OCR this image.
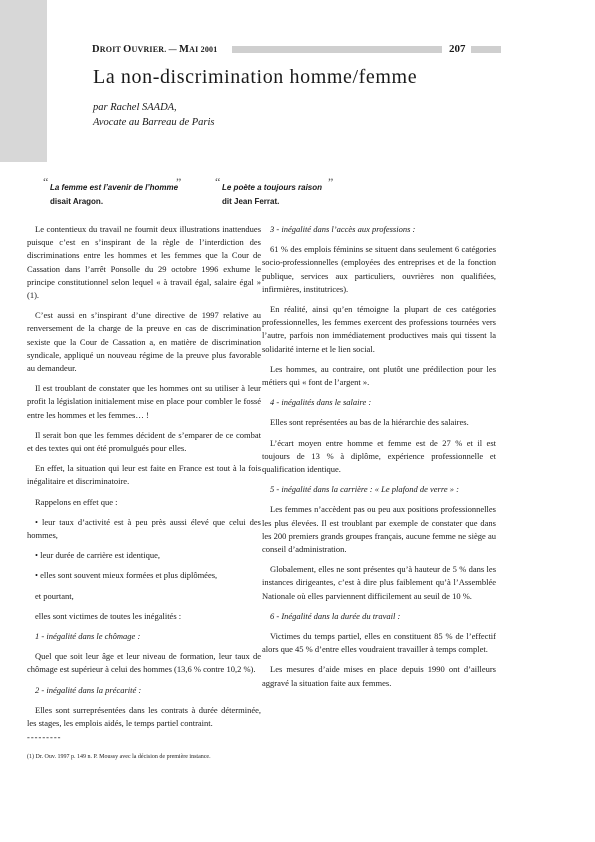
DROIT OUVRIER. — MAI 2001	207
La non-discrimination homme/femme
par Rachel SAADA,
Avocate au Barreau de Paris
“ La femme est l’avenir de l’homme
”
disait Aragon.
“ Le poète a toujours raison ”
dit Jean Ferrat.

Le contentieux du travail ne fournit deux illustrations inattendues puisque c’est en s’inspirant de la règle de l’interdiction des discriminations entre les hommes et les femmes que la Cour de Cassation dans l’arrêt Ponsolle du 29 octobre 1996 exhume le principe constitutionnel selon lequel « à travail égal, salaire égal » (1).

C’est aussi en s’inspirant d’une directive de 1997 relative au renversement de la charge de la preuve en cas de discrimination sexiste que la Cour de Cassation a, en matière de discrimination syndicale, appliqué un nouveau régime de la preuve plus favorable au demandeur.

Il est troublant de constater que les hommes ont su utiliser à leur profit la législation initialement mise en place pour combler le fossé entre les hommes et les femmes… !

Il serait bon que les femmes décident de s’emparer de ce combat et des textes qui ont été promulgués pour elles.

En effet, la situation qui leur est faite en France est tout à la fois inégalitaire et discriminatoire.

Rappelons en effet que :

• leur taux d’activité est à peu près aussi élevé que celui des hommes,

• leur durée de carrière est identique,

• elles sont souvent mieux formées et plus diplômées,

et pourtant,

elles sont victimes de toutes les inégalités :

1 - inégalité dans le chômage :

Quel que soit leur âge et leur niveau de formation, leur taux de chômage est supérieur à celui des hommes (13,6 % contre 10,2 %).

2 - inégalité dans la précarité :

Elles sont surreprésentées dans les contrats à durée déterminée, les stages, les emplois aidés, le temps partiel contraint.

---------

(1) Dr. Ouv. 1997 p. 149 n. P. Moussy avec la décision de première instance.

3 - inégalité dans l’accès aux professions :

61 % des emplois féminins se situent dans seulement 6 catégories socio-professionnelles (employées des entreprises et de la fonction publique, services aux particuliers, ouvrières non qualifiées, infirmières, institutrices).

En réalité, ainsi qu’en témoigne la plupart de ces catégories professionnelles, les femmes exercent des professions tournées vers l’autre, parfois non immédiatement productives mais qui tissent la solidarité interne et le lien social.

Les hommes, au contraire, ont plutôt une prédilection pour les métiers qui « font de l’argent ».

4 - inégalités dans le salaire :

Elles sont représentées au bas de la hiérarchie des salaires.

L’écart moyen entre homme et femme est de 27 % et il est toujours de 13 % à diplôme, expérience professionnelle et qualification identique.

5 - inégalité dans la carrière : « Le plafond de verre » :

Les femmes n’accèdent pas ou peu aux positions professionnelles les plus élevées. Il est troublant par exemple de constater que dans les 200 premiers grands groupes français, aucune femme ne siège au conseil d’administration.

Globalement, elles ne sont présentes qu’à hauteur de 5 % dans les instances dirigeantes, c’est à dire plus faiblement qu’à l’Assemblée Nationale où elles parviennent difficilement au seuil de 10 %.

6 - Inégalité dans la durée du travail :

Victimes du temps partiel, elles en constituent 85 % de l’effectif alors que 45 % d’entre elles voudraient travailler à temps complet.

Les mesures d’aide mises en place depuis 1990 ont d’ailleurs aggravé la situation faite aux femmes.
